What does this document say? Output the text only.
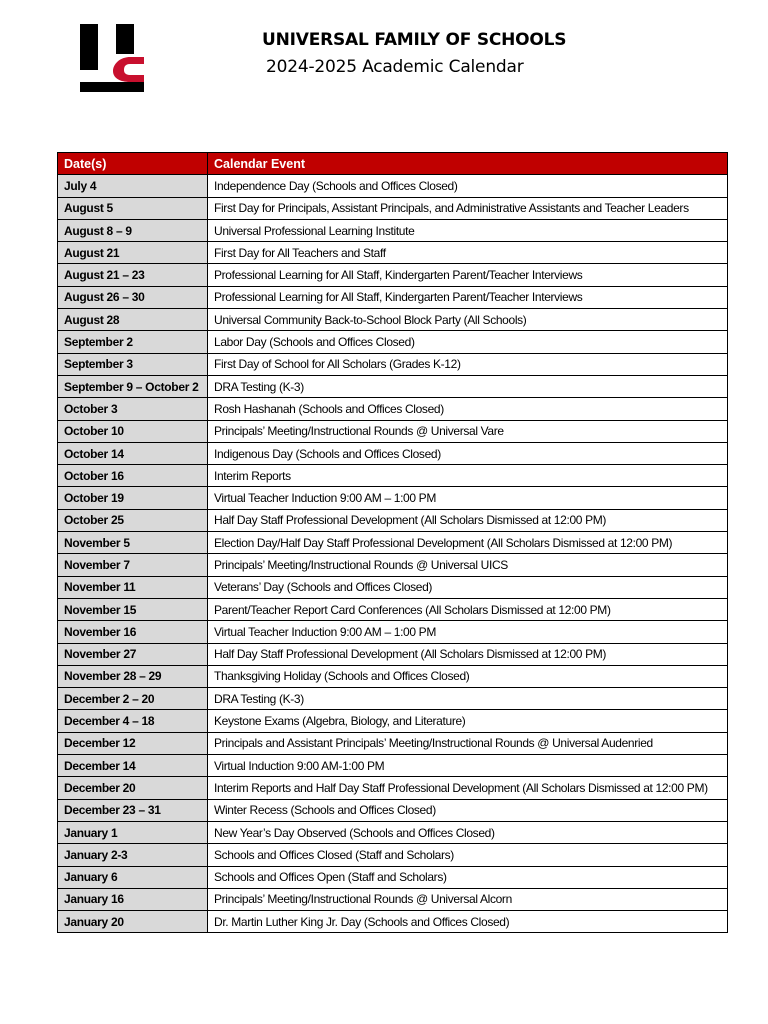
UNIVERSAL FAMILY OF SCHOOLS
2024-2025 Academic Calendar
Date(s)	Calendar Event
July 4	Independence Day (Schools and Offices Closed)
August 5	First Day for Principals, Assistant Principals, and Administrative Assistants and Teacher Leaders
August 8 – 9	Universal Professional Learning Institute
August 21	First Day for All Teachers and Staff
August 21 – 23	Professional Learning for All Staff, Kindergarten Parent/Teacher Interviews
August 26 – 30	Professional Learning for All Staff, Kindergarten Parent/Teacher Interviews
August 28	Universal Community Back-to-School Block Party (All Schools)
September 2	Labor Day (Schools and Offices Closed)
September 3	First Day of School for All Scholars (Grades K-12)
September 9 – October 2	DRA Testing (K-3)
October 3	Rosh Hashanah (Schools and Offices Closed)
October 10	Principals’ Meeting/Instructional Rounds @ Universal Vare
October 14	Indigenous Day (Schools and Offices Closed)
October 16	Interim Reports
October 19	Virtual Teacher Induction 9:00 AM – 1:00 PM
October 25	Half Day Staff Professional Development (All Scholars Dismissed at 12:00 PM)
November 5	Election Day/Half Day Staff Professional Development (All Scholars Dismissed at 12:00 PM)
November 7	Principals’ Meeting/Instructional Rounds @ Universal UICS
November 11	Veterans’ Day (Schools and Offices Closed)
November 15	Parent/Teacher Report Card Conferences (All Scholars Dismissed at 12:00 PM)
November 16	Virtual Teacher Induction 9:00 AM – 1:00 PM
November 27	Half Day Staff Professional Development (All Scholars Dismissed at 12:00 PM)
November 28 – 29	Thanksgiving Holiday (Schools and Offices Closed)
December 2 – 20	DRA Testing (K-3)
December 4 – 18	Keystone Exams (Algebra, Biology, and Literature)
December 12	Principals and Assistant Principals’ Meeting/Instructional Rounds @ Universal Audenried
December 14	Virtual Induction 9:00 AM-1:00 PM
December 20	Interim Reports and Half Day Staff Professional Development (All Scholars Dismissed at 12:00 PM)
December 23 – 31	Winter Recess (Schools and Offices Closed)
January 1	New Year’s Day Observed (Schools and Offices Closed)
January 2-3	Schools and Offices Closed (Staff and Scholars)
January 6	Schools and Offices Open (Staff and Scholars)
January 16	Principals’ Meeting/Instructional Rounds @ Universal Alcorn
January 20	Dr. Martin Luther King Jr. Day (Schools and Offices Closed)
